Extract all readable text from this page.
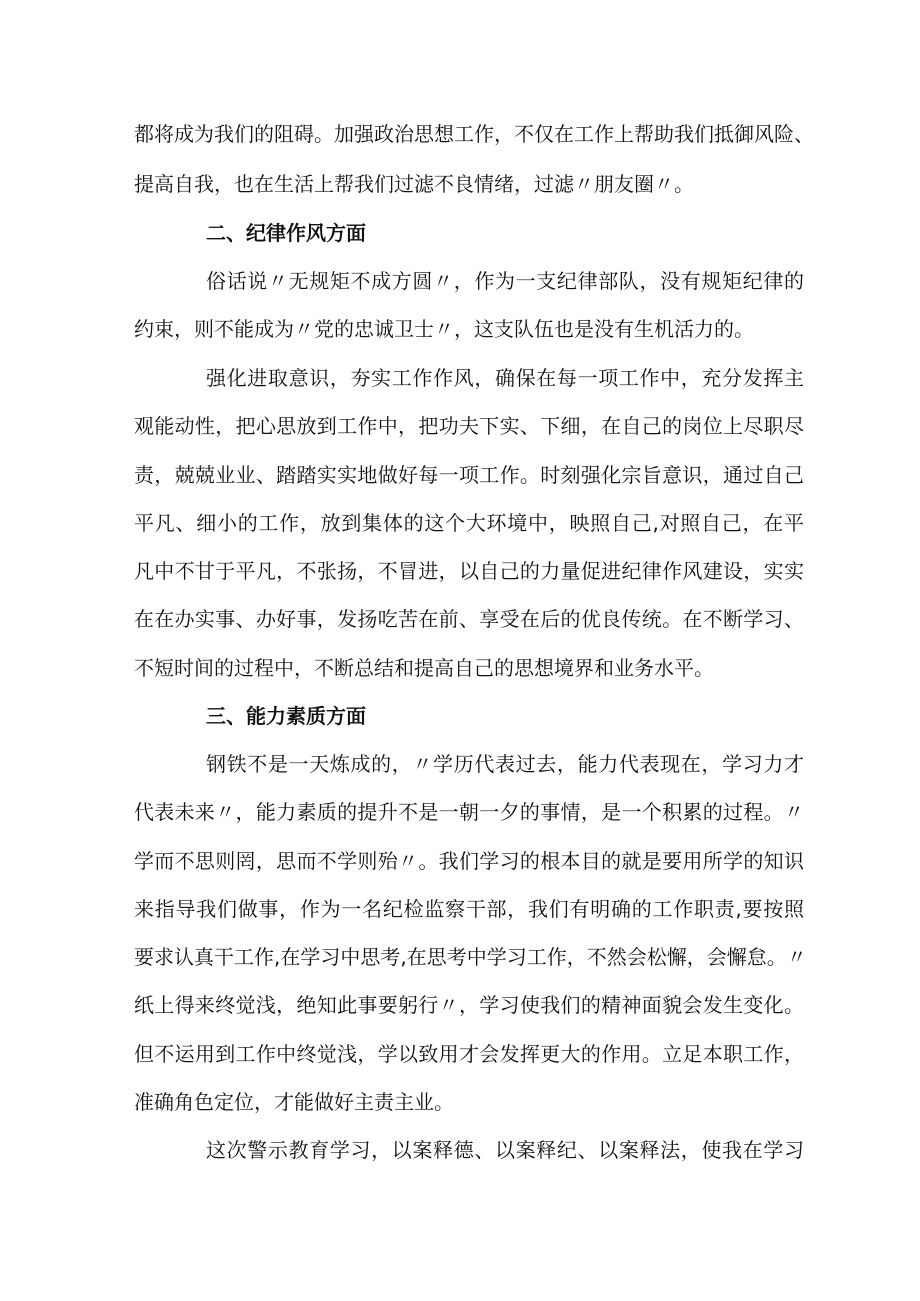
都将成为我们的阻碍。加强政治思想工作，不仅在工作上帮助我们抵御风险、
提高自我，也在生活上帮我们过滤不良情绪，过滤〃朋友圈〃。
二、纪律作风方面
俗话说〃无规矩不成方圆〃，作为一支纪律部队，没有规矩纪律的
约束，则不能成为〃党的忠诚卫士〃，这支队伍也是没有生机活力的。
强化进取意识，夯实工作作风，确保在每一项工作中，充分发挥主
观能动性，把心思放到工作中，把功夫下实、下细，在自己的岗位上尽职尽
责，兢兢业业、踏踏实实地做好每一项工作。时刻强化宗旨意识，通过自己
平凡、细小的工作，放到集体的这个大环境中，映照自己,对照自己，在平
凡中不甘于平凡，不张扬，不冒进，以自己的力量促进纪律作风建设，实实
在在办实事、办好事，发扬吃苦在前、享受在后的优良传统。在不断学习、
不短时间的过程中，不断总结和提高自己的思想境界和业务水平。
三、能力素质方面
钢铁不是一天炼成的，〃学历代表过去，能力代表现在，学习力才
代表未来〃，能力素质的提升不是一朝一夕的事情，是一个积累的过程。〃
学而不思则罔，思而不学则殆〃。我们学习的根本目的就是要用所学的知识
来指导我们做事，作为一名纪检监察干部，我们有明确的工作职责,要按照
要求认真干工作,在学习中思考,在思考中学习工作，不然会松懈，会懈怠。〃
纸上得来终觉浅，绝知此事要躬行〃，学习使我们的精神面貌会发生变化。
但不运用到工作中终觉浅，学以致用才会发挥更大的作用。立足本职工作，
准确角色定位，才能做好主责主业。
这次警示教育学习，以案释德、以案释纪、以案释法，使我在学习
